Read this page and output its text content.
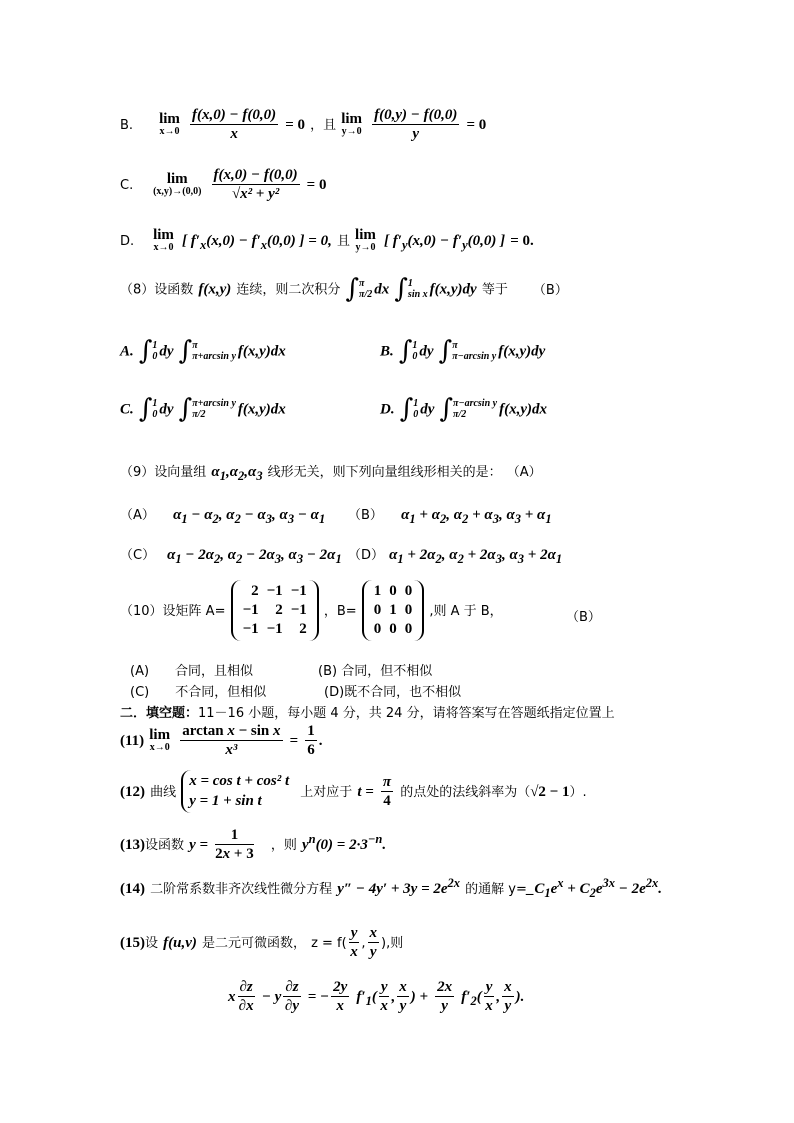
B. lim
x→0
$\frac{f(x,0) - f(0,0)}{x} = 0$ ，且 lim
y→0
$\frac{f(0,y) - f(0,0)}{y} = 0$
C.	lim
(x,y)→(0,0)
$\frac{f(x,0) - f(0,0)}{\text{√x² + y²}} = 0$
D. lim
x→0 [ $f'_x(x,0) - f'_x(0,0)$ ] = 0, 且 lim
y→0 [ $f'_y(x,0) - f'_y(0,0)$ ] = 0.
（8）设函数 f(x,y) 连续，则二次积分 ∫ π
π/2 dx ∫ 1
sin x f(x,y)dy 等于 （B）
A. ∫ 1
0 dy ∫ π
π+arcsin y f(x,y)dx	B. ∫ 1
0 dy ∫ π
π−arcsin y f(x,y)dy
C. ∫ 1
0 dy ∫ π+arcsin y
π/2	f(x,y)dx	D. ∫ 1
0 dy ∫ π−arcsin y
π/2	f(x,y)dx
（9）设向量组 $\alpha_1,\alpha_2,\alpha_3$ 线形无关，则下列向量组线形相关的是： （A）
（A） $\alpha_1 - \alpha_2$, $\alpha_2 - \alpha_3$, $\alpha_3 - \alpha_1$ （B） $\alpha_1 + \alpha_2$, $\alpha_2 + \alpha_3$, $\alpha_3 + \alpha_1$
（C） $\alpha_1 - 2\alpha_2$, $\alpha_2 - 2\alpha_3$, $\alpha_3 - 2\alpha_1$ （D） $\alpha_1 + 2\alpha_2$, $\alpha_2 + 2\alpha_3$, $\alpha_3 + 2\alpha_1$
（10）设矩阵 A=
2	−1	−1
−1	2	−1
−1	−1	2
，B=
1	0	0
0	1	0
0	0	0
,则 A 于 B，	（B）
(A)　　合同，且相似	(B) 合同，但不相似
(C)　　不合同，但相似	(D)既不合同，也不相似
二．填空题：11－16 小题，每小题 4 分，共 24 分，请将答案写在答题纸指定位置上
(11) lim
x→0
$\frac{\text{arctan x − sin x}}{\text{x³}} = \frac{1}{6}$ .
(12) 曲线
x = cos t + cos² t
y = 1 + sin t
上对应于 $t = \frac{\pi}{4}$ 的点处的法线斜率为（√2 − 1）.
(13)设函数 $y = \frac{1}{2x + 3}$ ，则 $y^n(0) = 2\cdot 3^{-n}$.
(14) 二阶常系数非齐次线性微分方程 $y'' - 4y' + 3y = 2e^{2x}$ 的通解 $y=\_C_1e^x + C_2e^{3x} - 2e^{2x}$.
(15)设 f(u,v) 是二元可微函数， $z = f( \frac{y}{x}$ , $\frac{x}{y}$ ),则
x $\frac{\partial z}{\partial x} - y \frac{\partial z}{\partial y}$ = − $\frac{2y}{x} f'_1( \frac{y}{x}$ , $\frac{x}{y}$ ) + $\frac{2x}{y} f'_2( \frac{y}{x}$ , $\frac{x}{y}$ ).
